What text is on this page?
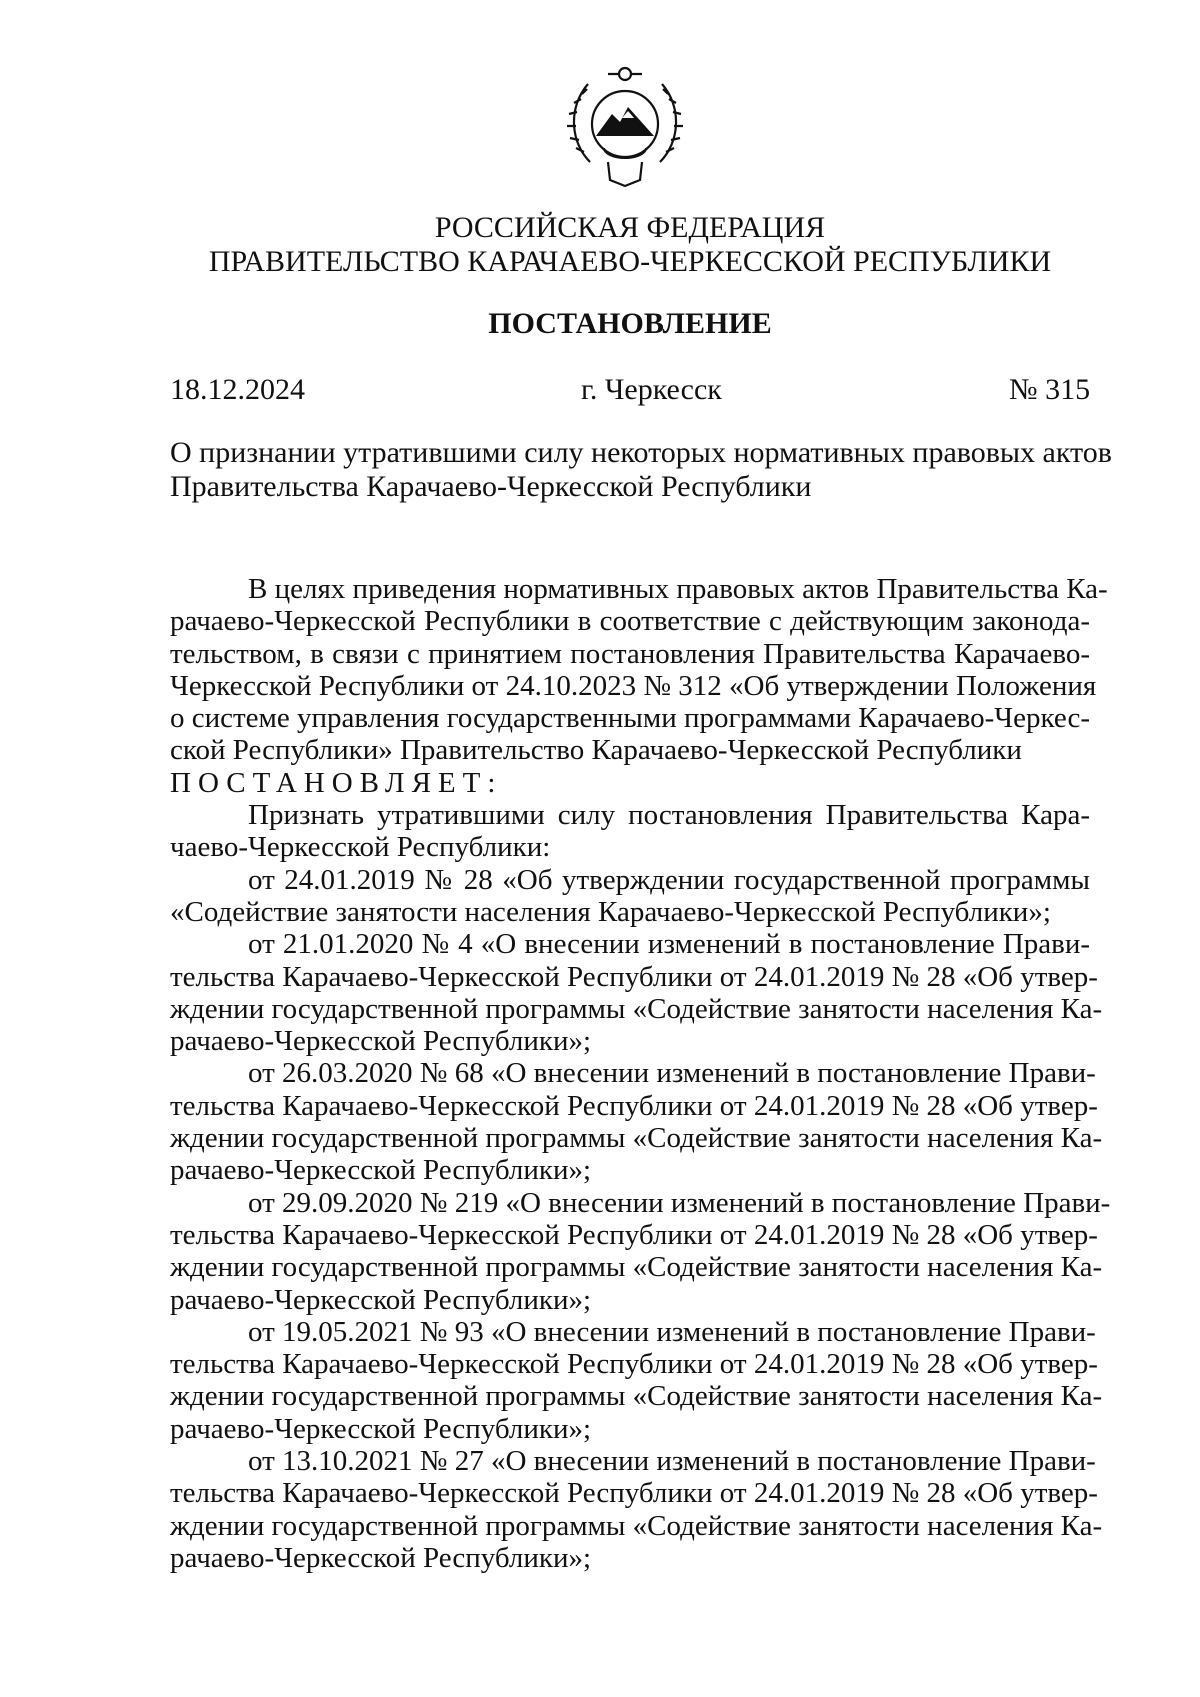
РОССИЙСКАЯ ФЕДЕРАЦИЯ
ПРАВИТЕЛЬСТВО КАРАЧАЕВО-ЧЕРКЕССКОЙ РЕСПУБЛИКИ
ПОСТАНОВЛЕНИЕ
18.12.2024	г. Черкесск	№ 315
О признании утратившими силу некоторых нормативных правовых актов
Правительства Карачаево-Черкесской Республики
В целях приведения нормативных правовых актов Правительства Ка-
рачаево-Черкесской Республики в соответствие с действующим законода-
тельством, в связи с принятием постановления Правительства Карачаево-
Черкесской Республики от 24.10.2023 № 312 «Об утверждении Положения
о системе управления государственными программами Карачаево-Черкес-
ской Республики» Правительство Карачаево-Черкесской Республики
ПОСТАНОВЛЯЕТ:
Признать утратившими силу постановления Правительства Кара-
чаево-Черкесской Республики:
от 24.01.2019 № 28 «Об утверждении государственной программы
«Содействие занятости населения Карачаево-Черкесской Республики»;
от 21.01.2020 № 4 «О внесении изменений в постановление Прави-
тельства Карачаево-Черкесской Республики от 24.01.2019 № 28 «Об утвер-
ждении государственной программы «Содействие занятости населения Ка-
рачаево-Черкесской Республики»;
от 26.03.2020 № 68 «О внесении изменений в постановление Прави-
тельства Карачаево-Черкесской Республики от 24.01.2019 № 28 «Об утвер-
ждении государственной программы «Содействие занятости населения Ка-
рачаево-Черкесской Республики»;
от 29.09.2020 № 219 «О внесении изменений в постановление Прави-
тельства Карачаево-Черкесской Республики от 24.01.2019 № 28 «Об утвер-
ждении государственной программы «Содействие занятости населения Ка-
рачаево-Черкесской Республики»;
от 19.05.2021 № 93 «О внесении изменений в постановление Прави-
тельства Карачаево-Черкесской Республики от 24.01.2019 № 28 «Об утвер-
ждении государственной программы «Содействие занятости населения Ка-
рачаево-Черкесской Республики»;
от 13.10.2021 № 27 «О внесении изменений в постановление Прави-
тельства Карачаево-Черкесской Республики от 24.01.2019 № 28 «Об утвер-
ждении государственной программы «Содействие занятости населения Ка-
рачаево-Черкесской Республики»;
